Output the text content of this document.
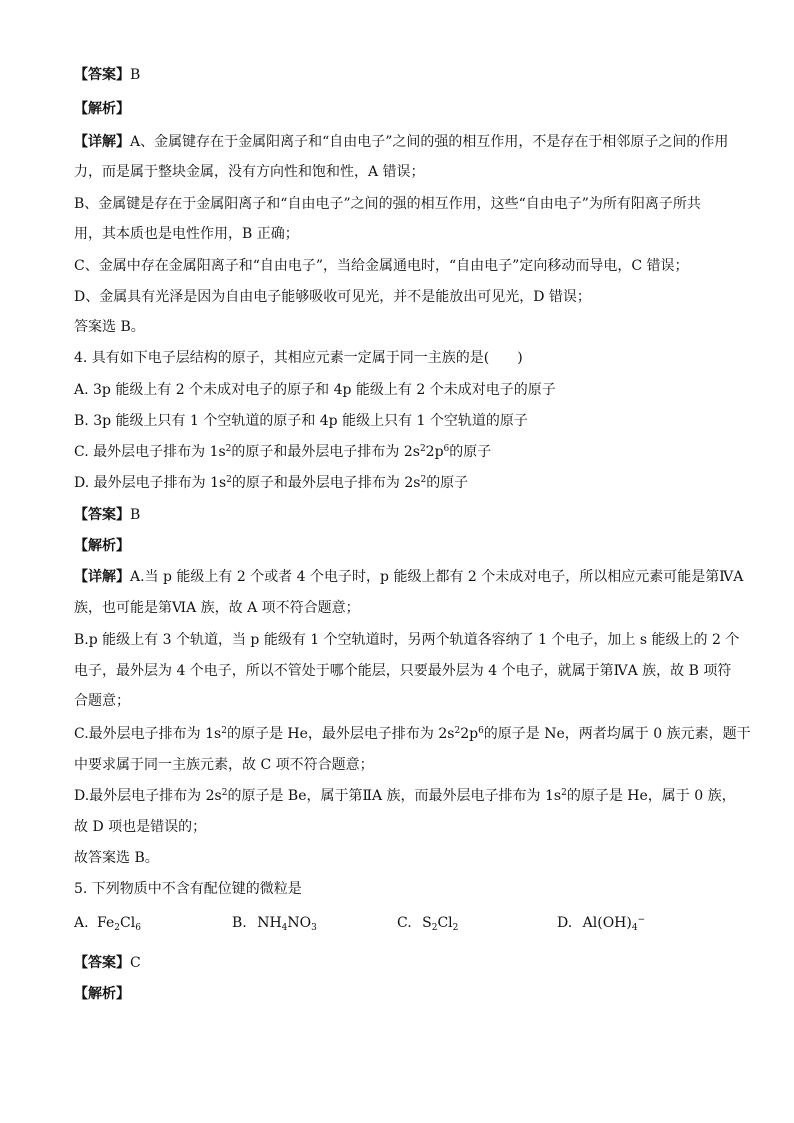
【答案】B
【解析】
【详解】A、金属键存在于金属阳离子和“自由电子”之间的强的相互作用，不是存在于相邻原子之间的作用
力，而是属于整块金属，没有方向性和饱和性，A 错误；
B、金属键是存在于金属阳离子和“自由电子”之间的强的相互作用，这些“自由电子”为所有阳离子所共
用，其本质也是电性作用，B 正确；
C、金属中存在金属阳离子和“自由电子”，当给金属通电时，“自由电子”定向移动而导电，C 错误；
D、金属具有光泽是因为自由电子能够吸收可见光，并不是能放出可见光，D 错误；
答案选 B。
4. 具有如下电子层结构的原子，其相应元素一定属于同一主族的是(　　)
A. 3p 能级上有 2 个未成对电子的原子和 4p 能级上有 2 个未成对电子的原子
B. 3p 能级上只有 1 个空轨道的原子和 4p 能级上只有 1 个空轨道的原子
C. 最外层电子排布为 $1s^2$的原子和最外层电子排布为 $2s^22p^6$的原子
D. 最外层电子排布为 $1s^2$的原子和最外层电子排布为 $2s^2$的原子
【答案】B
【解析】
【详解】A.当 p 能级上有 2 个或者 4 个电子时，p 能级上都有 2 个未成对电子，所以相应元素可能是第ⅣA
族，也可能是第ⅥA 族，故 A 项不符合题意；
B.p 能级上有 3 个轨道，当 p 能级有 1 个空轨道时，另两个轨道各容纳了 1 个电子，加上 s 能级上的 2 个
电子，最外层为 4 个电子，所以不管处于哪个能层，只要最外层为 4 个电子，就属于第ⅣA 族，故 B 项符
合题意；
C.最外层电子排布为 $1s^2$的原子是 He，最外层电子排布为 $2s^22p^6$的原子是 Ne，两者均属于 0 族元素，题干
中要求属于同一主族元素，故 C 项不符合题意；
D.最外层电子排布为 $2s^2$的原子是 Be，属于第ⅡA 族，而最外层电子排布为 $1s^2$的原子是 He，属于 0 族，
故 D 项也是错误的；
故答案选 B。
5. 下列物质中不含有配位键的微粒是
A. $Fe_2Cl_6$	B. $NH_4NO_3$	C. $S_2Cl_2$	D. $Al(OH)_4^-$
【答案】C
【解析】
